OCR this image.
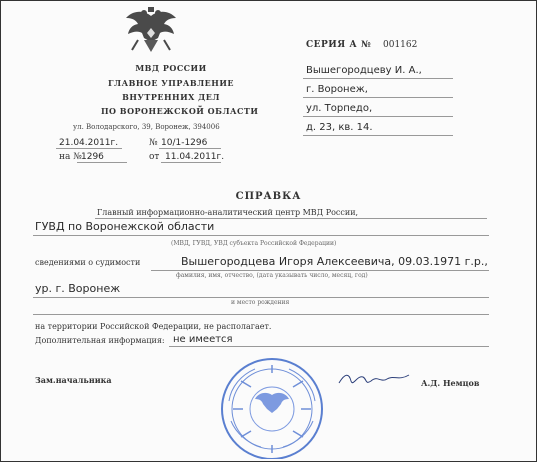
МВД РОССИИ
ГЛАВНОЕ УПРАВЛЕНИЕ
ВНУТРЕННИХ ДЕЛ
ПО ВОРОНЕЖСКОЙ ОБЛАСТИ
ул. Володарского, 39, Воронеж, 394006
21.04.2011г.	№ 10/1-1296
на № 1296	от 11.04.2011г.
СЕРИЯ А № 001162
Вышегородцеву И. А.,
г. Воронеж,
ул. Торпедо,
д. 23, кв. 14.
СПРАВКА
Главный информационно-аналитический центр МВД России,
ГУВД по Воронежской области
(МВД, ГУВД, УВД субъекта Российской Федерации)
сведениями о судимости	Вышегородцева Игоря Алексеевича, 09.03.1971 г.р.,
фамилия, имя, отчество, (дата указывать число, месяц, год)
ур. г. Воронеж
и место рождения
на территории Российской Федерации, не располагает.
Дополнительная информация: не имеется
Зам.начальника	А.Д. Немцов
